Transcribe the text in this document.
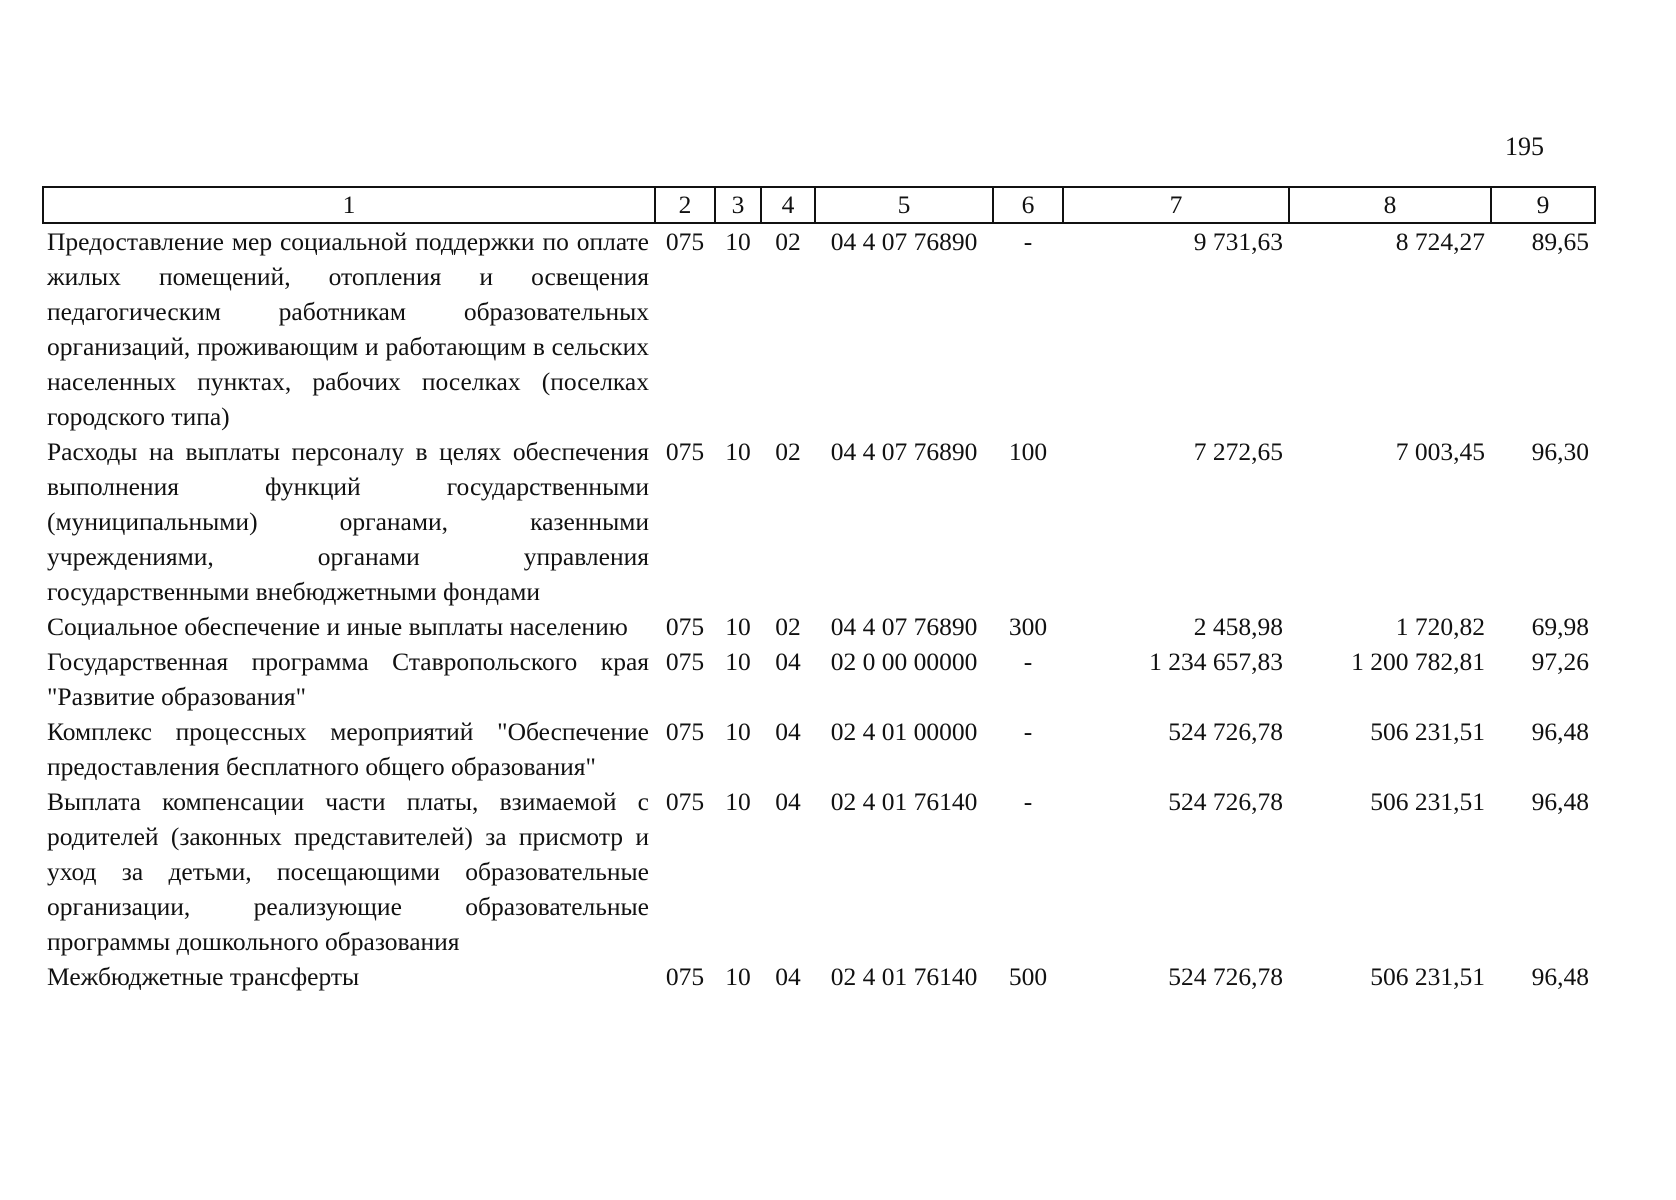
195
1	2	3	4	5	6	7	8	9
Предоставление мер социальной поддержки по оплате жилых помещений, отопления и освещения педагогическим работникам образовательных организаций, проживающим и работающим в сельских населенных пунктах, рабочих поселках (поселках городского типа)	075	10	02	04 4 07 76890	-	9 731,63	8 724,27	89,65
Расходы на выплаты персоналу в целях обеспечения выполнения функций государственными (муниципальными) органами, казенными учреждениями, органами управления государственными внебюджетными фондами	075	10	02	04 4 07 76890	100	7 272,65	7 003,45	96,30
Социальное обеспечение и иные выплаты населению	075	10	02	04 4 07 76890	300	2 458,98	1 720,82	69,98
Государственная программа Ставропольского края "Развитие образования"	075	10	04	02 0 00 00000	-	1 234 657,83	1 200 782,81	97,26
Комплекс процессных мероприятий "Обеспечение предоставления бесплатного общего образования"	075	10	04	02 4 01 00000	-	524 726,78	506 231,51	96,48
Выплата компенсации части платы, взимаемой с родителей (законных представителей) за присмотр и уход за детьми, посещающими образовательные организации, реализующие образовательные программы дошкольного образования	075	10	04	02 4 01 76140	-	524 726,78	506 231,51	96,48
Межбюджетные трансферты	075	10	04	02 4 01 76140	500	524 726,78	506 231,51	96,48
